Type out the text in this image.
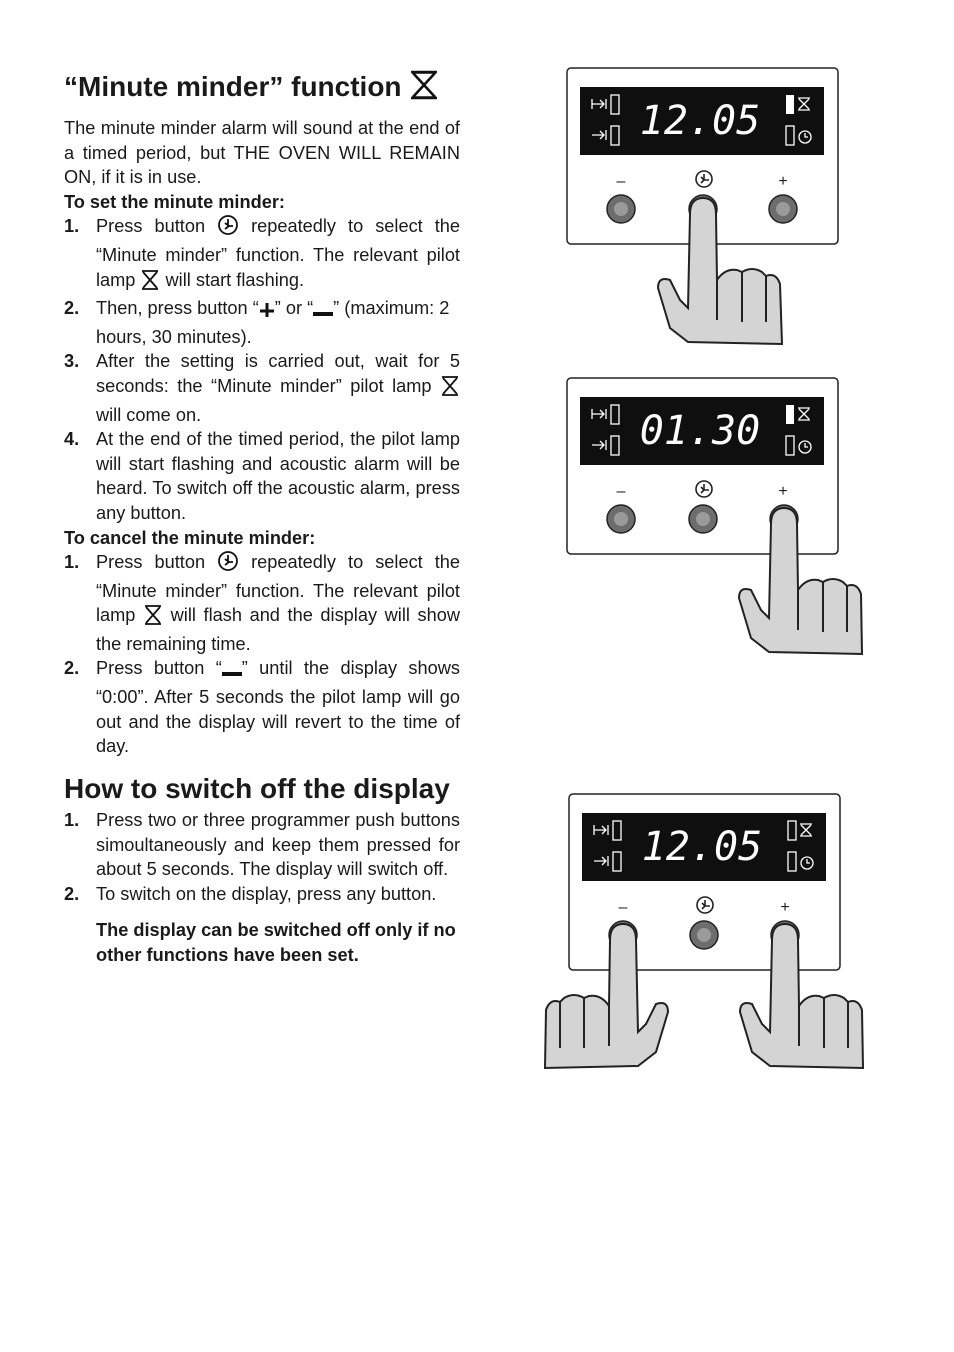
“Minute minder” function

The minute minder alarm will sound at the end of a timed period, but THE OVEN WILL REMAIN ON, if it is in use.

To set the minute minder:

1. Press button	repeatedly to select the “Minute minder” function. The relevant pilot lamp will start flashing.
2. Then, press button “ ” or “ ” (maximum: 2 hours, 30 minutes).
3. After the setting is carried out, wait for 5 seconds: the “Minute minder” pilot lamp  will come on.
4. At the end of the timed period, the pilot lamp will start flashing and acoustic alarm will be heard. To switch off the acoustic alarm, press any button.

To cancel the minute minder:

1. Press button	repeatedly to select the “Minute minder” function. The relevant pilot lamp will flash and the display will show the remaining time.
2. Press button “ ” until the display shows “0:00”. After 5 seconds the pilot lamp will go out and the display will revert to the time of day.
How to switch off the display
1. Press two or three programmer push buttons simoultaneously and keep them pressed for about 5 seconds. The display will switch off.
2. To switch on the display, press any button.

The display can be switched off only if no other functions have been set.

12.05
–	+
01.30
–	+
12.05
–	+
